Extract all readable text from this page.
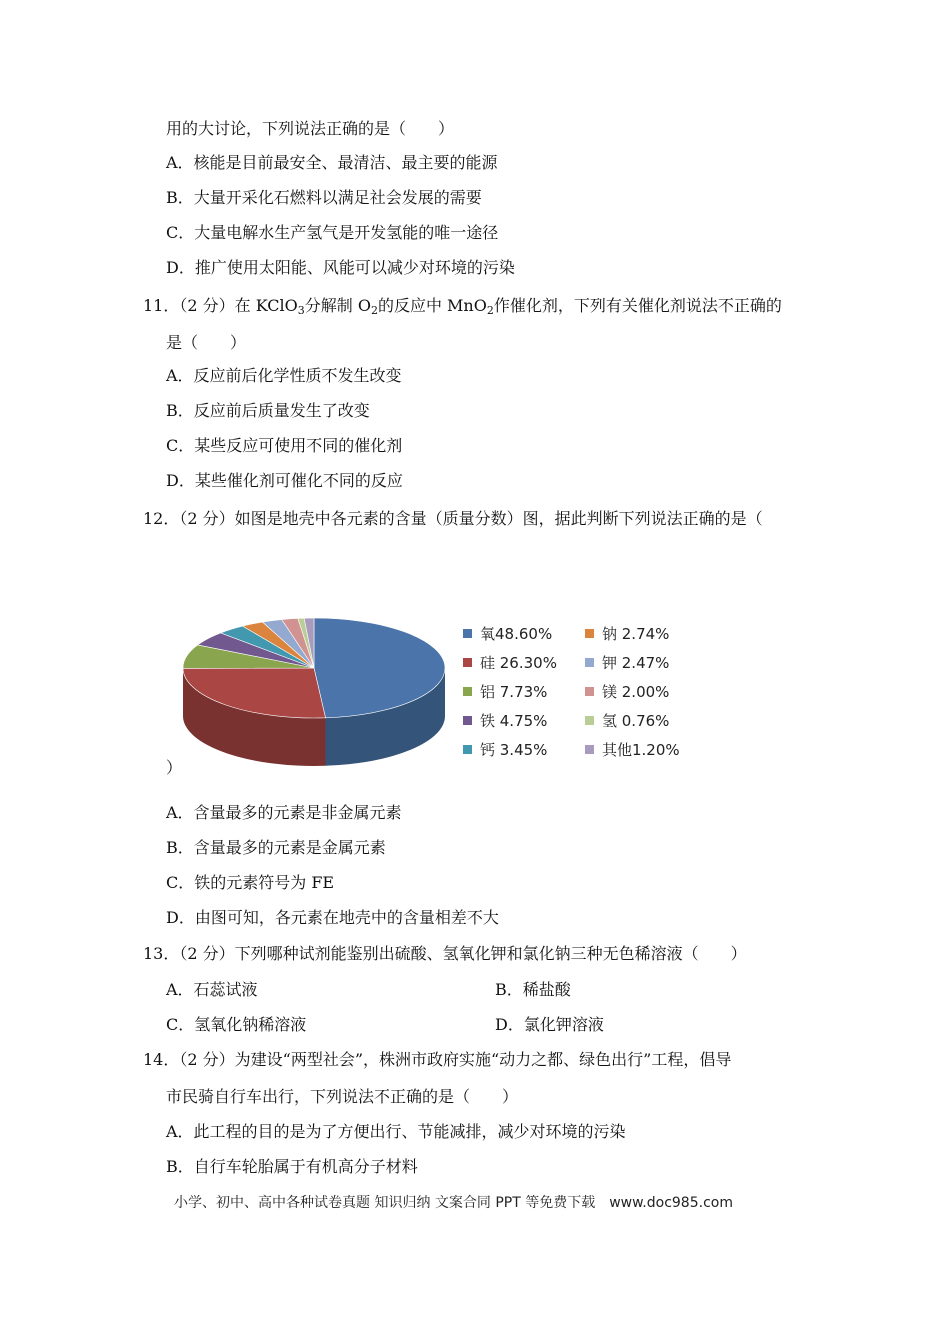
用的大讨论，下列说法正确的是（　　）
A．核能是目前最安全、最清洁、最主要的能源
B．大量开采化石燃料以满足社会发展的需要
C．大量电解水生产氢气是开发氢能的唯一途径
D．推广使用太阳能、风能可以减少对环境的污染
11．（2 分）在 KClO$_3$分解制 $O_2$的反应中 MnO$_2$作催化剂，下列有关催化剂说法不正确的
是（　　）
A．反应前后化学性质不发生改变
B．反应前后质量发生了改变
C．某些反应可使用不同的催化剂
D．某些催化剂可催化不同的反应
12．（2 分）如图是地壳中各元素的含量（质量分数）图，据此判断下列说法正确的是（
氧48.60%
硅 26.30%
铝 7.73%
铁 4.75%
钙 3.45%
钠 2.74%
钾 2.47%
镁 2.00%
氢 0.76%
其他1.20%
）
A．含量最多的元素是非金属元素
B．含量最多的元素是金属元素
C．铁的元素符号为 FE
D．由图可知，各元素在地壳中的含量相差不大
13．（2 分）下列哪种试剂能鉴别出硫酸、氢氧化钾和氯化钠三种无色稀溶液（　　）
A．石蕊试液	B．稀盐酸
C．氢氧化钠稀溶液	D．氯化钾溶液
14．（2 分）为建设“两型社会”，株洲市政府实施“动力之都、绿色出行”工程，倡导
市民骑自行车出行，下列说法不正确的是（　　）
A．此工程的目的是为了方便出行、节能减排，减少对环境的污染
B．自行车轮胎属于有机高分子材料
小学、初中、高中各种试卷真题 知识归纳 文案合同 PPT 等免费下载　www.doc985.com
